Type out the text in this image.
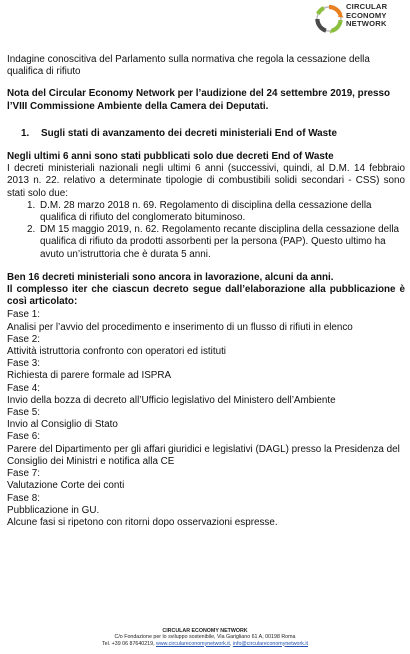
CIRCULAR
ECONOMY
NETWORK

Indagine conoscitiva del Parlamento sulla normativa che regola la cessazione della qualifica di rifiuto

Nota del Circular Economy Network per l’audizione del 24 settembre 2019, presso l’VIII Commissione Ambiente della Camera dei Deputati.

1. Sugli stati di avanzamento dei decreti ministeriali End of Waste

Negli ultimi 6 anni sono stati pubblicati solo due decreti End of Waste

I decreti ministeriali nazionali negli ultimi 6 anni (successivi, quindi, al D.M. 14 febbraio 2013 n. 22. relativo a determinate tipologie di combustibili solidi secondari - CSS) sono stati solo due:

1. D.M. 28 marzo 2018 n. 69. Regolamento di disciplina della cessazione della qualifica di rifiuto del conglomerato bituminoso.
2. DM 15 maggio 2019, n. 62. Regolamento recante disciplina della cessazione della qualifica di rifiuto da prodotti assorbenti per la persona (PAP). Questo ultimo ha avuto un’istruttoria che è durata 5 anni.

Ben 16 decreti ministeriali sono ancora in lavorazione, alcuni da anni.

Il complesso iter che ciascun decreto segue dall’elaborazione alla pubblicazione è così articolato:

Fase 1:

Analisi per l’avvio del procedimento e inserimento di un flusso di rifiuti in elenco

Fase 2:

Attività istruttoria confronto con operatori ed istituti

Fase 3:

Richiesta di parere formale ad ISPRA

Fase 4:

Invio della bozza di decreto all’Ufficio legislativo del Ministero dell’Ambiente

Fase 5:

Invio al Consiglio di Stato

Fase 6:

Parere del Dipartimento per gli affari giuridici e legislativi (DAGL) presso la Presidenza del Consiglio dei Ministri e notifica alla CE

Fase 7:

Valutazione Corte dei conti

Fase 8:

Pubblicazione in GU.

Alcune fasi si ripetono con ritorni dopo osservazioni espresse.

CIRCULAR ECONOMY NETWORK
C/o Fondazione per lo sviluppo sostenibile, Via Garigliano 61 A, 00198 Roma
Tel. +39 06 87640219, www.circulareconomynetwork.it, info@circulareconomynetwork.it
